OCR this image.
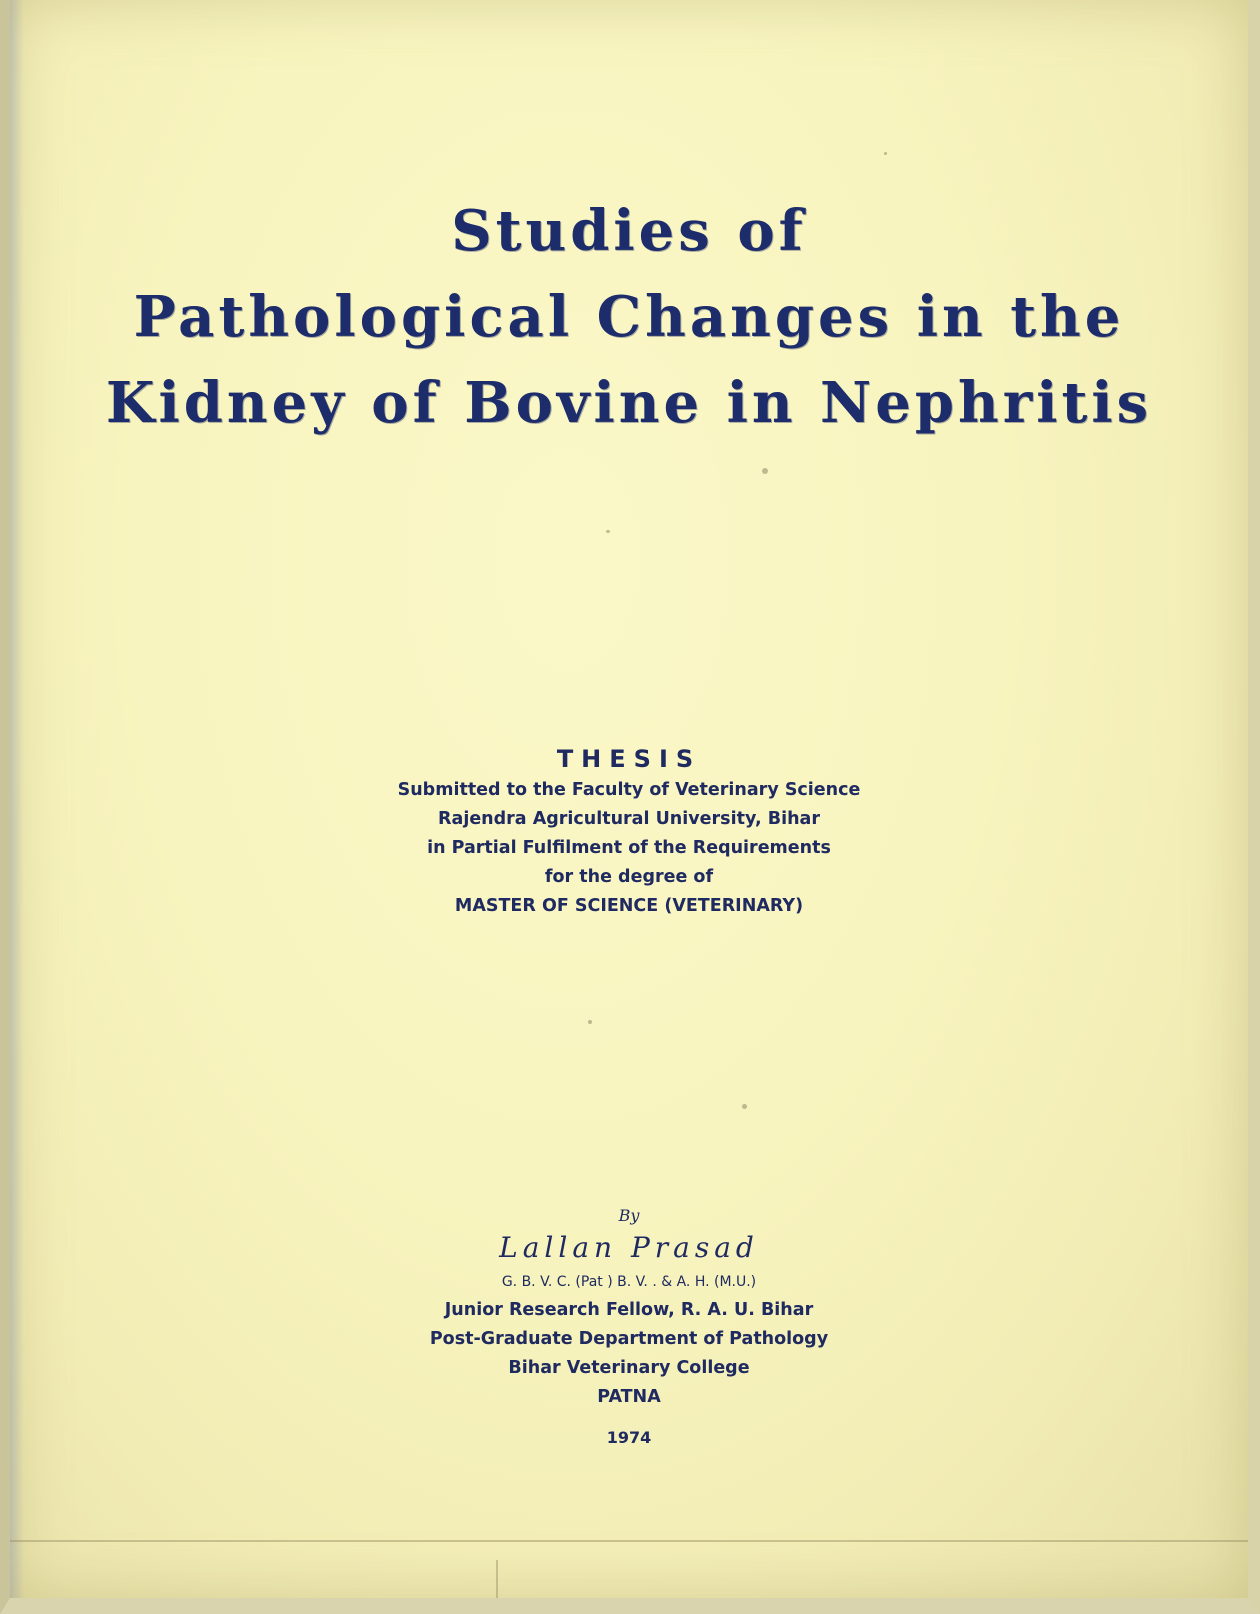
Studies of
Pathological Changes in the
Kidney of Bovine in Nephritis
THESIS
Submitted to the Faculty of Veterinary Science
Rajendra Agricultural University, Bihar
in Partial Fulfilment of the Requirements
for the degree of
MASTER OF SCIENCE (VETERINARY)
By
Lallan Prasad
G. B. V. C. (Pat ) B. V. . & A. H. (M.U.)
Junior Research Fellow, R. A. U. Bihar
Post-Graduate Department of Pathology
Bihar Veterinary College
PATNA
1974
